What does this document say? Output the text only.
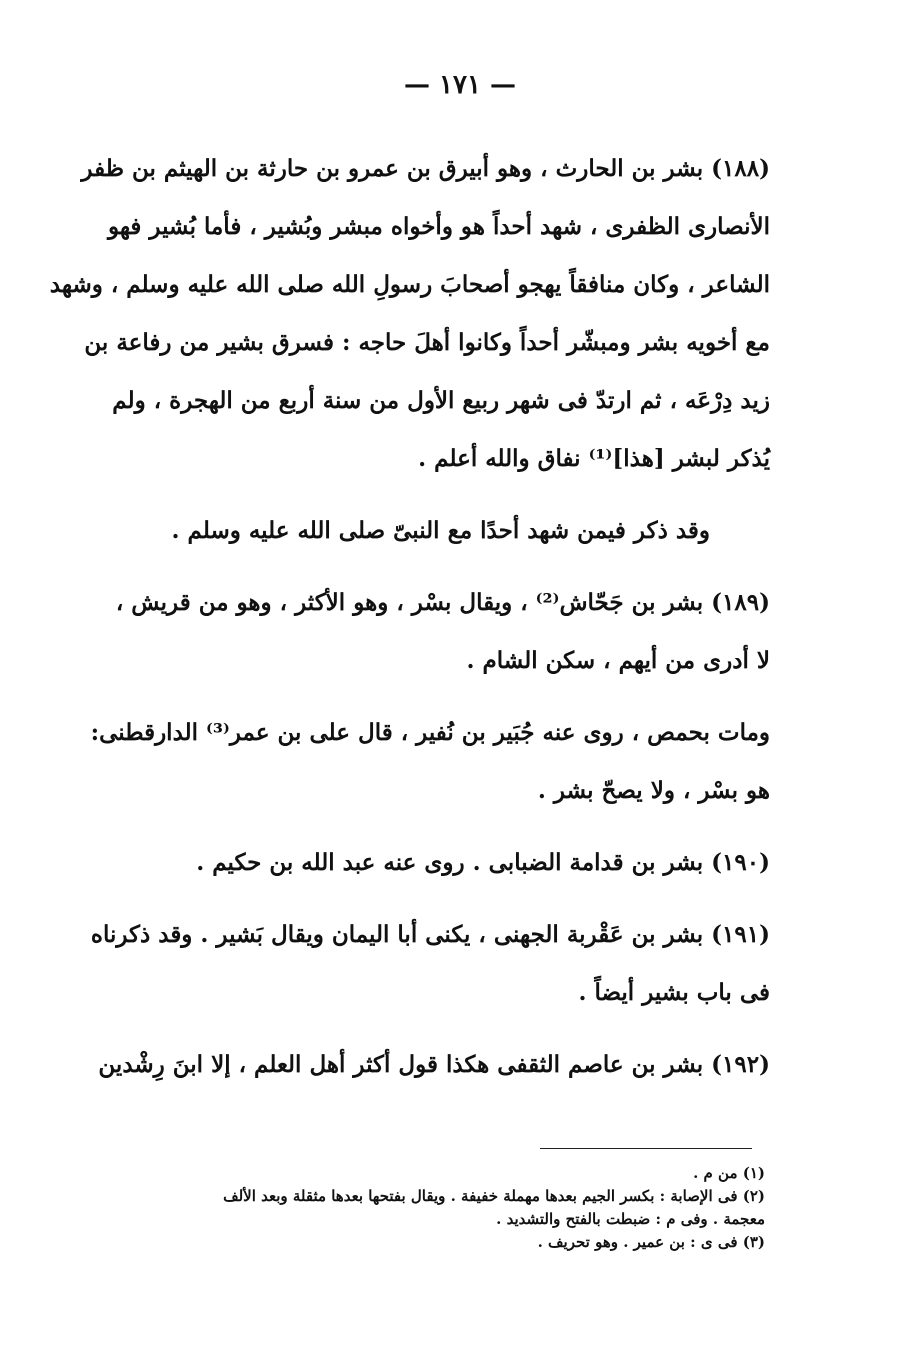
— ١٧١ —
(١٨٨) بشر بن الحارث ، وهو أبيرق بن عمرو بن حارثة بن الهيثم بن ظفر
الأنصارى الظفرى ، شهد أحداً هو وأخواه مبشر وبُشير ، فأما بُشير فهو
الشاعر ، وكان منافقاً يهجو أصحابَ رسولِ الله صلى الله عليه وسلم ، وشهد
مع أخويه بشر ومبشّر أحداً وكانوا أهلَ حاجه : فسرق بشير من رفاعة بن
زيد دِرْعَه ، ثم ارتدّ فى شهر ربيع الأول من سنة أربع من الهجرة ، ولم
يُذكر لبشر [هذا]⁽¹⁾ نفاق والله أعلم .
وقد ذكر فيمن شهد أحدًا مع النبىّ صلى الله عليه وسلم .
(١٨٩) بشر بن جَحّاش⁽²⁾ ، ويقال بسْر ، وهو الأكثر ، وهو من قريش ،
لا أدرى من أيهم ، سكن الشام .
ومات بحمص ، روى عنه جُبَير بن نُفير ، قال على بن عمر⁽³⁾ الدارقطنى:
هو بسْر ، ولا يصحّ بشر .
(١٩٠) بشر بن قدامة الضبابى . روى عنه عبد الله بن حكيم .
(١٩١) بشر بن عَقْربة الجهنى ، يكنى أبا اليمان ويقال بَشير . وقد ذكرناه
فى باب بشير أيضاً .
(١٩٢) بشر بن عاصم الثقفى هكذا قول أكثر أهل العلم ، إلا ابنَ رِشْدين
(١) من م .
(٢) فى الإصابة : بكسر الجيم بعدها مهملة خفيفة . ويقال بفتحها بعدها مثقلة وبعد الألف
معجمة . وفى م : ضبطت بالفتح والتشديد .
(٣) فى ى : بن عمير . وهو تحريف .
